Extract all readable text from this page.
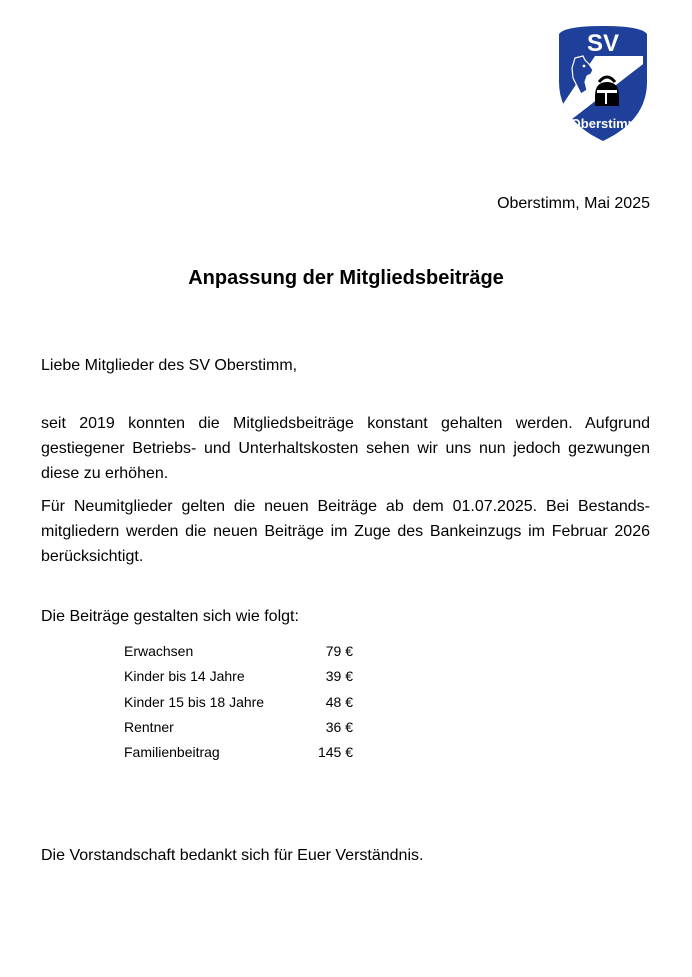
SV
Oberstimm
Oberstimm, Mai 2025
Anpassung der Mitgliedsbeiträge
Liebe Mitglieder des SV Oberstimm,
seit 2019 konnten die Mitgliedsbeiträge konstant gehalten werden. Aufgrund gestiegener Betriebs- und Unterhaltskosten sehen wir uns nun jedoch gezwungen diese zu erhöhen.
Für Neumitglieder gelten die neuen Beiträge ab dem 01.07.2025. Bei Bestandsmitgliedern werden die neuen Beiträge im Zuge des Bankeinzugs im Februar 2026 berücksichtigt.
Die Beiträge gestalten sich wie folgt:
Erwachsen	79 €
Kinder bis 14 Jahre	39 €
Kinder 15 bis 18 Jahre	48 €
Rentner	36 €
Familienbeitrag	145 €
Die Vorstandschaft bedankt sich für Euer Verständnis.
